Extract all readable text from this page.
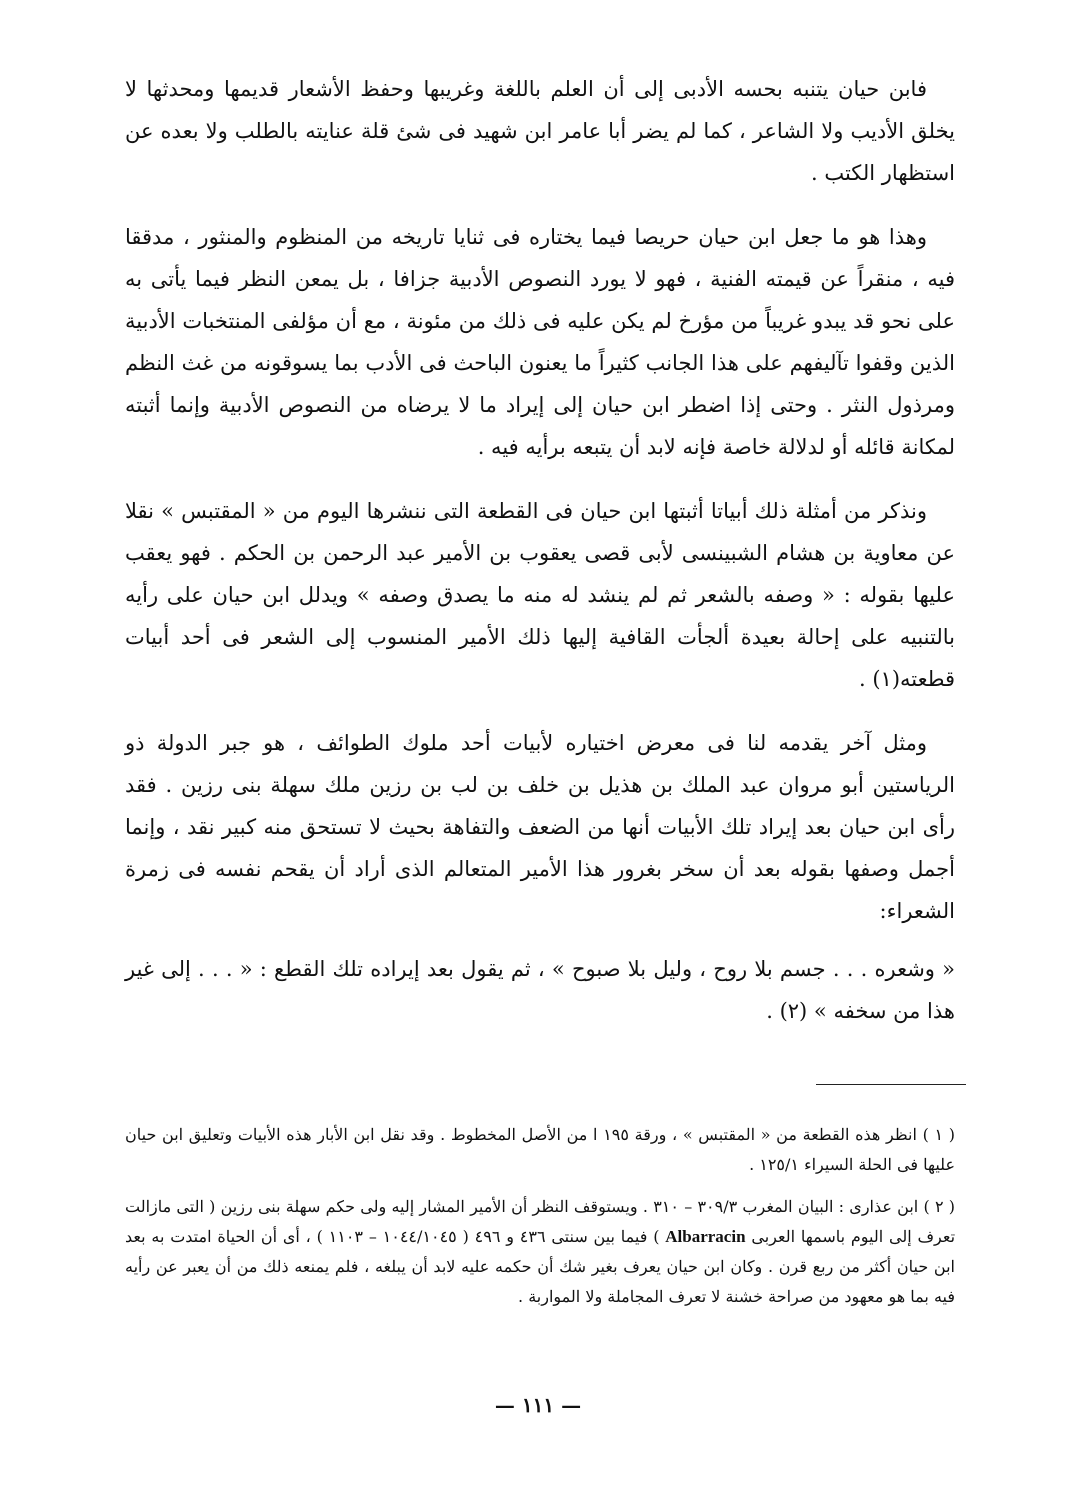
فابن حيان يتنبه بحسه الأدبى إلى أن العلم باللغة وغريبها وحفظ الأشعار قديمها ومحدثها لا يخلق الأديب ولا الشاعر ، كما لم يضر أبا عامر ابن شهيد فى شئ قلة عنايته بالطلب ولا بعده عن استظهار الكتب .

وهذا هو ما جعل ابن حيان حريصا فيما يختاره فى ثنايا تاريخه من المنظوم والمنثور ، مدققا فيه ، منقراً عن قيمته الفنية ، فهو لا يورد النصوص الأدبية جزافا ، بل يمعن النظر فيما يأتى به على نحو قد يبدو غريباً من مؤرخ لم يكن عليه فى ذلك من مئونة ، مع أن مؤلفى المنتخبات الأدبية الذين وقفوا تآليفهم على هذا الجانب كثيراً ما يعنون الباحث فى الأدب بما يسوقونه من غث النظم ومرذول النثر . وحتى إذا اضطر ابن حيان إلى إيراد ما لا يرضاه من النصوص الأدبية وإنما أثبته لمكانة قائله أو لدلالة خاصة فإنه لابد أن يتبعه برأيه فيه .

ونذكر من أمثلة ذلك أبياتا أثبتها ابن حيان فى القطعة التى ننشرها اليوم من « المقتبس » نقلا عن معاوية بن هشام الشبينسى لأبى قصى يعقوب بن الأمير عبد الرحمن بن الحكم . فهو يعقب عليها بقوله : « وصفه بالشعر ثم لم ينشد له منه ما يصدق وصفه » ويدلل ابن حيان على رأيه بالتنبيه على إحالة بعيدة ألجأت القافية إليها ذلك الأمير المنسوب إلى الشعر فى أحد أبيات قطعته(١) .

ومثل آخر يقدمه لنا فى معرض اختياره لأبيات أحد ملوك الطوائف ، هو جبر الدولة ذو الرياستين أبو مروان عبد الملك بن هذيل بن خلف بن لب بن رزين ملك سهلة بنى رزين . فقد رأى ابن حيان بعد إيراد تلك الأبيات أنها من الضعف والتفاهة بحيث لا تستحق منه كبير نقد ، وإنما أجمل وصفها بقوله بعد أن سخر بغرور هذا الأمير المتعالم الذى أراد أن يقحم نفسه فى زمرة الشعراء:

« وشعره . . . جسم بلا روح ، وليل بلا صبوح » ، ثم يقول بعد إيراده تلك القطع : « . . . إلى غير هذا من سخفه » (٢) .

( ١ ) انظر هذه القطعة من « المقتبس » ، ورقة ١٩٥ ا من الأصل المخطوط . وقد نقل ابن الأبار هذه الأبيات وتعليق ابن حيان عليها فى الحلة السيراء ١٢٥/١ .

( ٢ ) ابن عذارى : البيان المغرب ٣٠٩/٣ – ٣١٠ . ويستوقف النظر أن الأمير المشار إليه ولى حكم سهلة بنى رزين ( التى مازالت تعرف إلى اليوم باسمها العربى Albarracin ) فيما بين سنتى ٤٣٦ و ٤٩٦ ( ١٠٤٤/١٠٤٥ – ١١٠٣ ) ، أى أن الحياة امتدت به بعد ابن حيان أكثر من ربع قرن . وكان ابن حيان يعرف بغير شك أن حكمه عليه لابد أن يبلغه ، فلم يمنعه ذلك من أن يعبر عن رأيه فيه بما هو معهود من صراحة خشنة لا تعرف المجاملة ولا المواربة .

— ١١١ —
